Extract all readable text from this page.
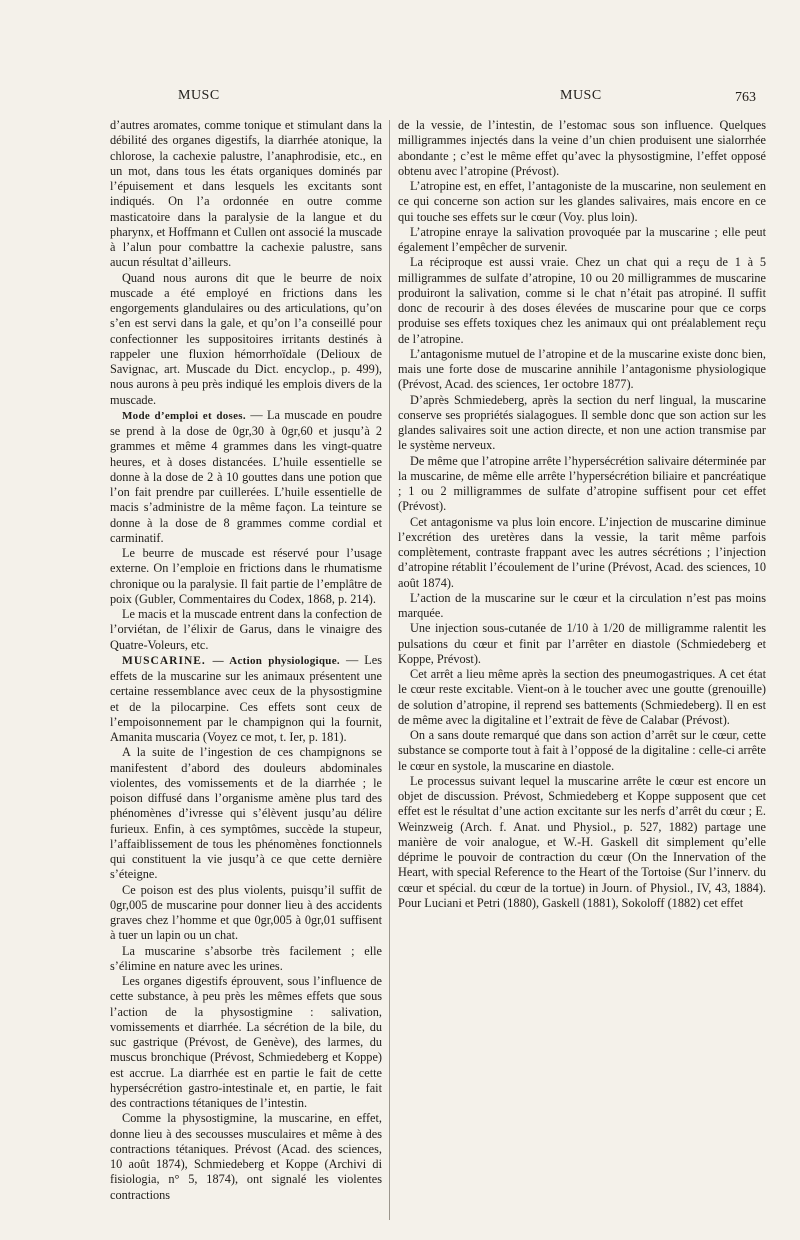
MUSC	MUSC	763

d’autres aromates, comme tonique et stimulant dans la débilité des organes digestifs, la diarrhée atonique, la chlorose, la cachexie palustre, l’anaphrodisie, etc., en un mot, dans tous les états organiques dominés par l’épuisement et dans lesquels les excitants sont indiqués. On l’a ordonnée en outre comme masticatoire dans la paralysie de la langue et du pharynx, et Hoffmann et Cullen ont associé la muscade à l’alun pour combattre la cachexie palustre, sans aucun résultat d’ailleurs.

Quand nous aurons dit que le beurre de noix muscade a été employé en frictions dans les engorgements glandulaires ou des articulations, qu’on s’en est servi dans la gale, et qu’on l’a conseillé pour confectionner les suppositoires irritants destinés à rappeler une fluxion hémorrhoïdale (Delioux de Savignac, art. Muscade du Dict. encyclop., p. 499), nous aurons à peu près indiqué les emplois divers de la muscade.

Mode d’emploi et doses. — La muscade en poudre se prend à la dose de 0gr,30 à 0gr,60 et jusqu’à 2 grammes et même 4 grammes dans les vingt-quatre heures, et à doses distancées. L’huile essentielle se donne à la dose de 2 à 10 gouttes dans une potion que l’on fait prendre par cuillerées. L’huile essentielle de macis s’administre de la même façon. La teinture se donne à la dose de 8 grammes comme cordial et carminatif.

Le beurre de muscade est réservé pour l’usage externe. On l’emploie en frictions dans le rhumatisme chronique ou la paralysie. Il fait partie de l’emplâtre de poix (Gubler, Commentaires du Codex, 1868, p. 214).

Le macis et la muscade entrent dans la confection de l’orviétan, de l’élixir de Garus, dans le vinaigre des Quatre-Voleurs, etc.

MUSCARINE. — Action physiologique. — Les effets de la muscarine sur les animaux présentent une certaine ressemblance avec ceux de la physostigmine et de la pilocarpine. Ces effets sont ceux de l’empoisonnement par le champignon qui la fournit, Amanita muscaria (Voyez ce mot, t. Ier, p. 181).

A la suite de l’ingestion de ces champignons se manifestent d’abord des douleurs abdominales violentes, des vomissements et de la diarrhée ; le poison diffusé dans l’organisme amène plus tard des phénomènes d’ivresse qui s’élèvent jusqu’au délire furieux. Enfin, à ces symptômes, succède la stupeur, l’affaiblissement de tous les phénomènes fonctionnels qui constituent la vie jusqu’à ce que cette dernière s’éteigne.

Ce poison est des plus violents, puisqu’il suffit de 0gr,005 de muscarine pour donner lieu à des accidents graves chez l’homme et que 0gr,005 à 0gr,01 suffisent à tuer un lapin ou un chat.

La muscarine s’absorbe très facilement ; elle s’élimine en nature avec les urines.

Les organes digestifs éprouvent, sous l’influence de cette substance, à peu près les mêmes effets que sous l’action de la physostigmine : salivation, vomissements et diarrhée. La sécrétion de la bile, du suc gastrique (Prévost, de Genève), des larmes, du muscus bronchique (Prévost, Schmiedeberg et Koppe) est accrue. La diarrhée est en partie le fait de cette hypersécrétion gastro-intestinale et, en partie, le fait des contractions tétaniques de l’intestin.

Comme la physostigmine, la muscarine, en effet, donne lieu à des secousses musculaires et même à des contractions tétaniques. Prévost (Acad. des sciences, 10 août 1874), Schmiedeberg et Koppe (Archivi di fisiologia, n° 5, 1874), ont signalé les violentes contractions

de la vessie, de l’intestin, de l’estomac sous son influence. Quelques milligrammes injectés dans la veine d’un chien produisent une sialorrhée abondante ; c’est le même effet qu’avec la physostigmine, l’effet opposé obtenu avec l’atropine (Prévost).

L’atropine est, en effet, l’antagoniste de la muscarine, non seulement en ce qui concerne son action sur les glandes salivaires, mais encore en ce qui touche ses effets sur le cœur (Voy. plus loin).

L’atropine enraye la salivation provoquée par la muscarine ; elle peut également l’empêcher de survenir.

La réciproque est aussi vraie. Chez un chat qui a reçu de 1 à 5 milligrammes de sulfate d’atropine, 10 ou 20 milligrammes de muscarine produiront la salivation, comme si le chat n’était pas atropiné. Il suffit donc de recourir à des doses élevées de muscarine pour que ce corps produise ses effets toxiques chez les animaux qui ont préalablement reçu de l’atropine.

L’antagonisme mutuel de l’atropine et de la muscarine existe donc bien, mais une forte dose de muscarine annihile l’antagonisme physiologique (Prévost, Acad. des sciences, 1er octobre 1877).

D’après Schmiedeberg, après la section du nerf lingual, la muscarine conserve ses propriétés sialagogues. Il semble donc que son action sur les glandes salivaires soit une action directe, et non une action transmise par le système nerveux.

De même que l’atropine arrête l’hypersécrétion salivaire déterminée par la muscarine, de même elle arrête l’hypersécrétion biliaire et pancréatique ; 1 ou 2 milligrammes de sulfate d’atropine suffisent pour cet effet (Prévost).

Cet antagonisme va plus loin encore. L’injection de muscarine diminue l’excrétion des uretères dans la vessie, la tarit même parfois complètement, contraste frappant avec les autres sécrétions ; l’injection d’atropine rétablit l’écoulement de l’urine (Prévost, Acad. des sciences, 10 août 1874).

L’action de la muscarine sur le cœur et la circulation n’est pas moins marquée.

Une injection sous-cutanée de 1/10 à 1/20 de milligramme ralentit les pulsations du cœur et finit par l’arrêter en diastole (Schmiedeberg et Koppe, Prévost).

Cet arrêt a lieu même après la section des pneumogastriques. A cet état le cœur reste excitable. Vient-on à le toucher avec une goutte (grenouille) de solution d’atropine, il reprend ses battements (Schmiedeberg). Il en est de même avec la digitaline et l’extrait de fève de Calabar (Prévost).

On a sans doute remarqué que dans son action d’arrêt sur le cœur, cette substance se comporte tout à fait à l’opposé de la digitaline : celle-ci arrête le cœur en systole, la muscarine en diastole.

Le processus suivant lequel la muscarine arrête le cœur est encore un objet de discussion. Prévost, Schmiedeberg et Koppe supposent que cet effet est le résultat d’une action excitante sur les nerfs d’arrêt du cœur ; E. Weinzweig (Arch. f. Anat. und Physiol., p. 527, 1882) partage une manière de voir analogue, et W.-H. Gaskell dit simplement qu’elle déprime le pouvoir de contraction du cœur (On the Innervation of the Heart, with special Reference to the Heart of the Tortoise (Sur l’innerv. du cœur et spécial. du cœur de la tortue) in Journ. of Physiol., IV, 43, 1884). Pour Luciani et Petri (1880), Gaskell (1881), Sokoloff (1882) cet effet
